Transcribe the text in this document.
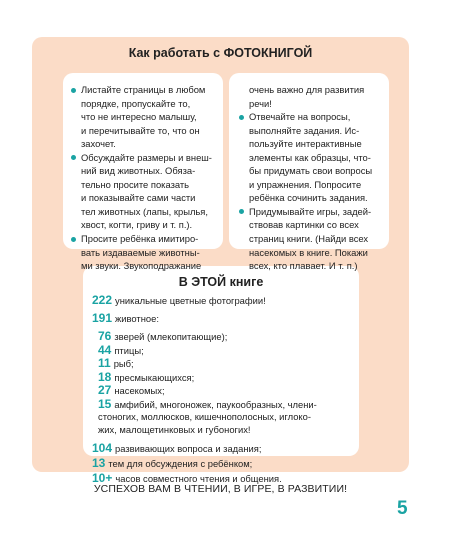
Как работать с ФОТОКНИГОЙ
Листайте страницы в любом
порядке, пропускайте то,
что не интересно малышу,
и перечитывайте то, что он
захочет.
Обсуждайте размеры и внеш-
ний вид животных. Обяза-
тельно просите показать
и показывайте сами части
тел животных (лапы, крылья,
хвост, когти, гриву и т. п.).
Просите ребёнка имитиро-
вать издаваемые животны-
ми звуки. Звукоподражание
очень важно для развития
речи!
Отвечайте на вопросы,
выполняйте задания. Ис-
пользуйте интерактивные
элементы как образцы, что-
бы придумать свои вопросы
и упражнения. Попросите
ребёнка сочинить задания.
Придумывайте игры, задей-
ствовав картинки со всех
страниц книги. (Найди всех
насекомых в книге. Покажи
всех, кто плавает. И т. п.)
В ЭТОЙ книге
222 уникальные цветные фотографии!
191 животное:
76 зверей (млекопитающие);
44 птицы;
11 рыб;
18 пресмыкающихся;
27 насекомых;
15 амфибий, многоножек, паукообразных, члени-
стоногих, моллюсков, кишечнополосных, иглоко-
жих, малощетинковых и губоногих!
104 развивающих вопроса и задания;
13 тем для обсуждения с ребёнком;
10+ часов совместного чтения и общения.
УСПЕХОВ ВАМ В ЧТЕНИИ, В ИГРЕ, В РАЗВИТИИ!
5
